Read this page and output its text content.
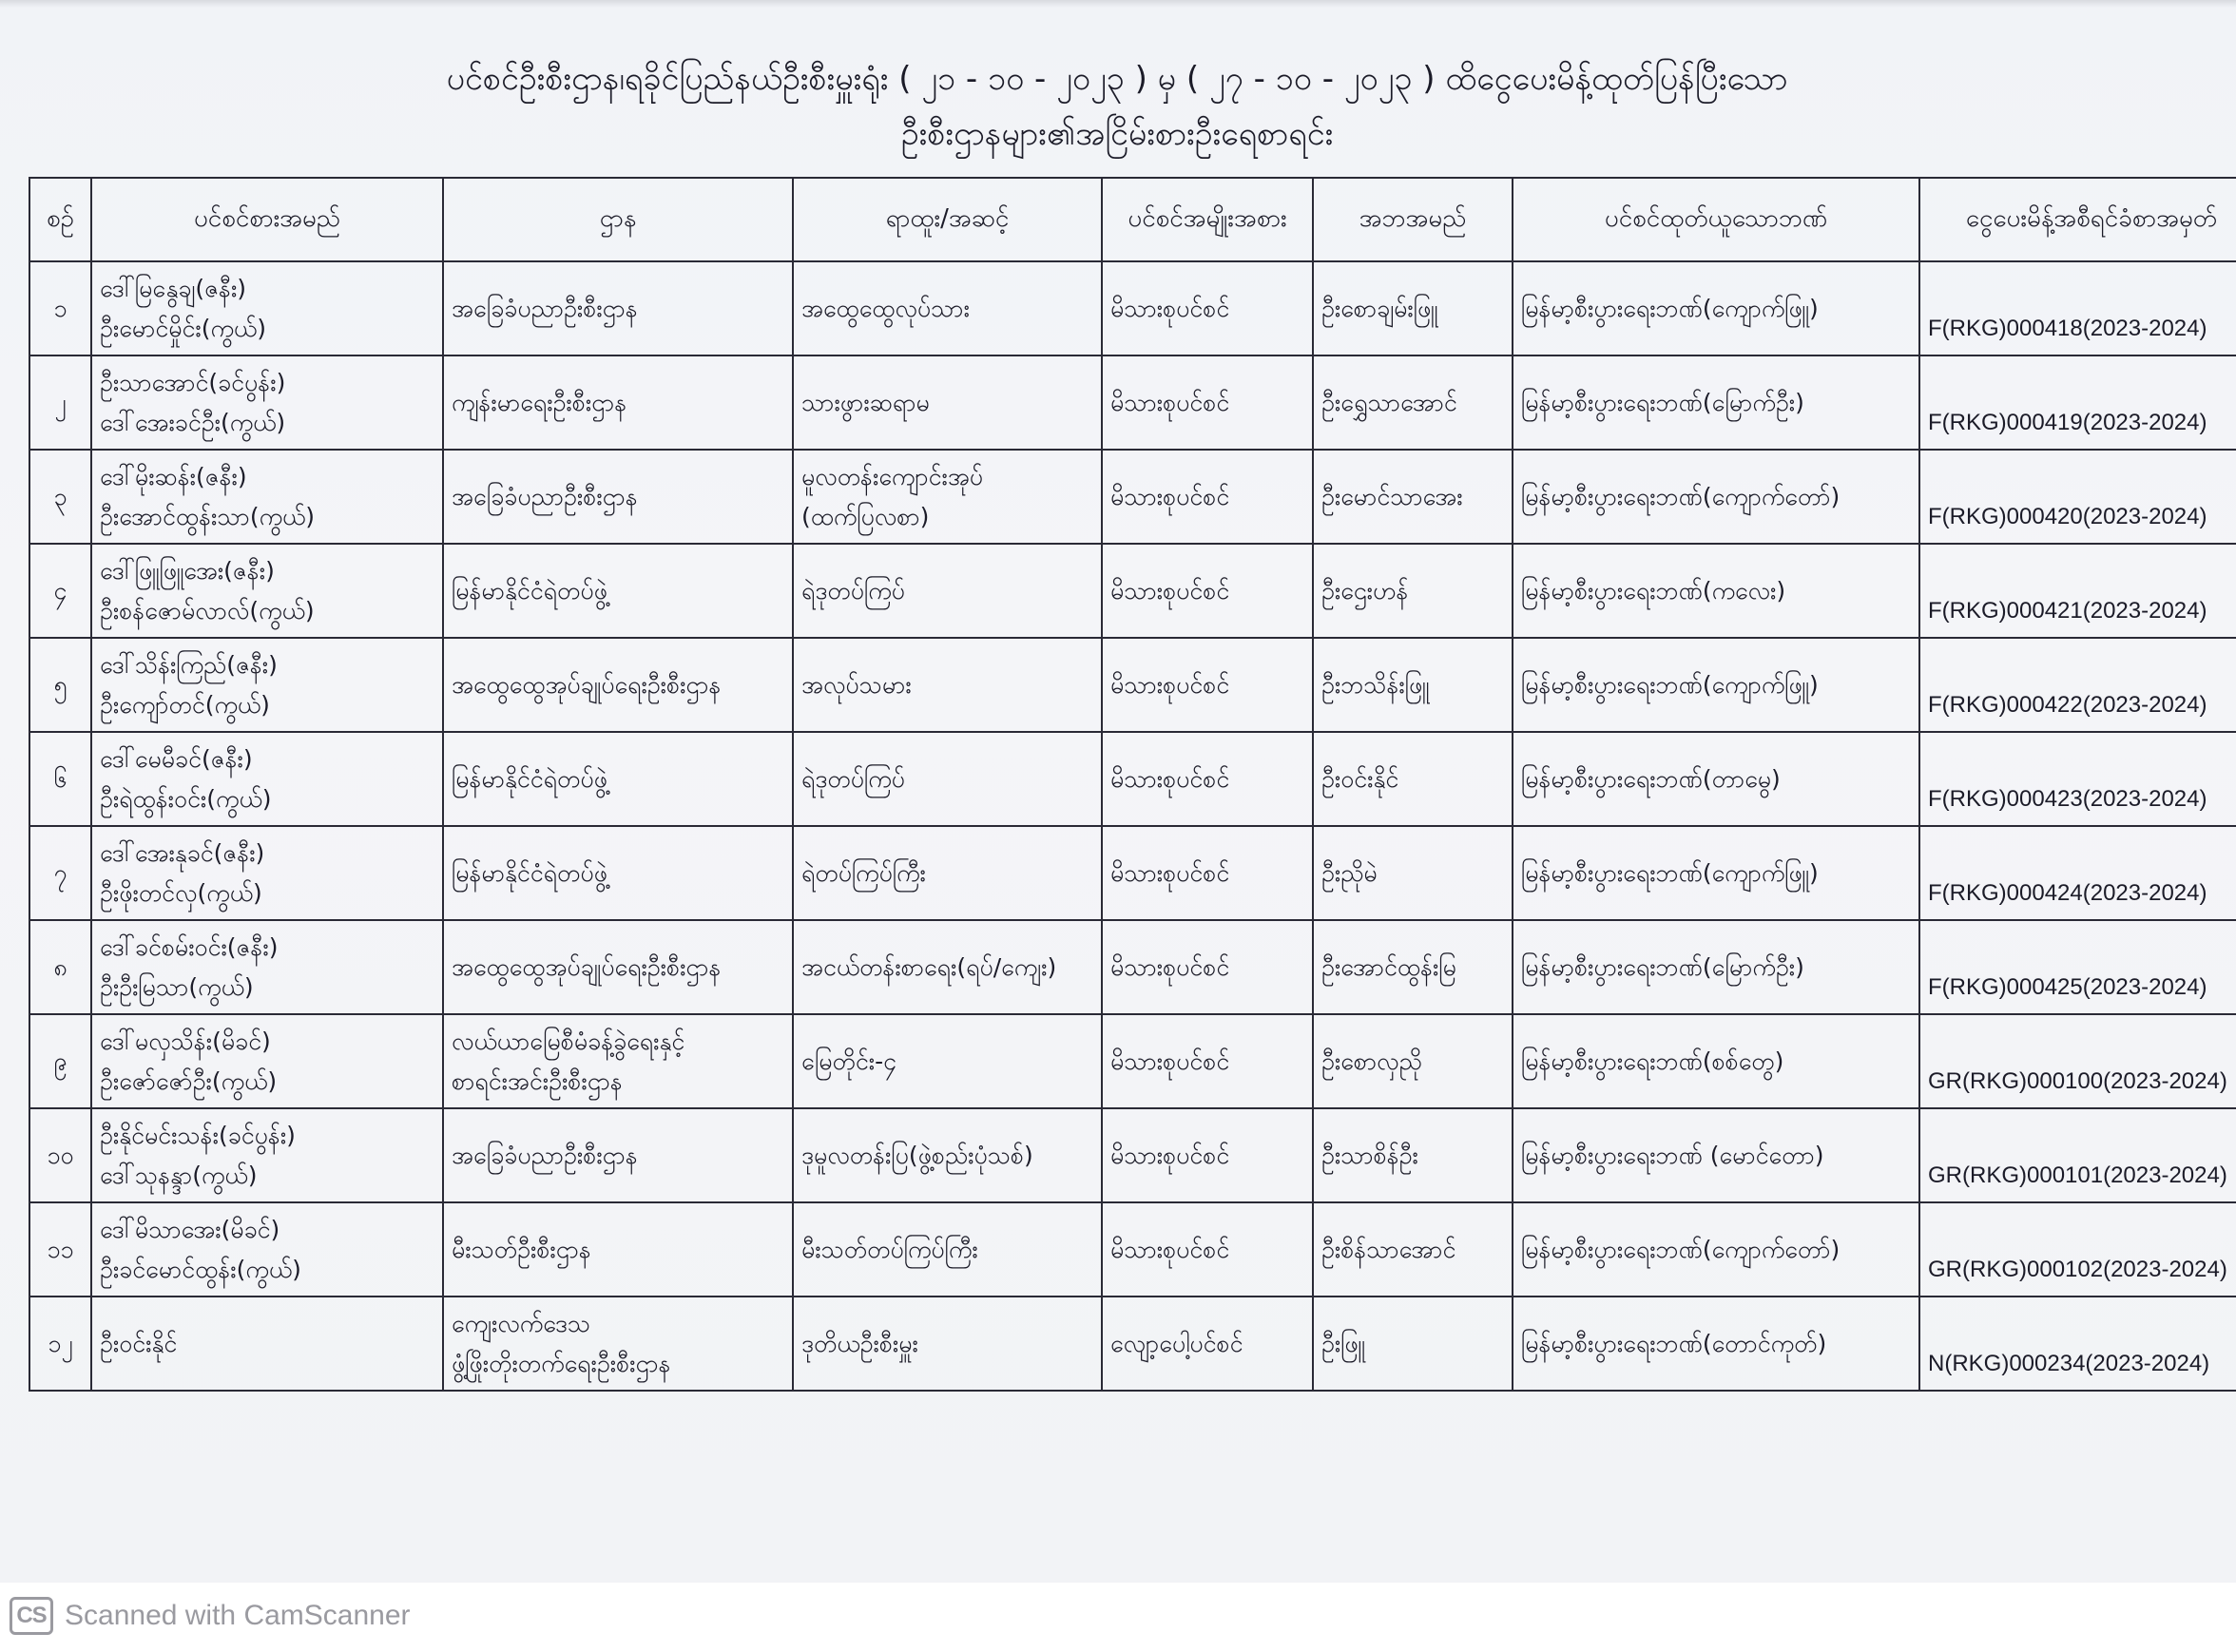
ပင်စင်ဦးစီးဌာန၊ရခိုင်ပြည်နယ်ဦးစီးမှူးရုံး ( ၂၁ - ၁၀ - ၂၀၂၃ ) မှ ( ၂၇ - ၁၀ - ၂၀၂၃ ) ထိငွေပေးမိန့်ထုတ်ပြန်ပြီးသော
ဦးစီးဌာနများ၏အငြိမ်းစားဦးရေစာရင်း
စဉ်	ပင်စင်စားအမည်	ဌာန	ရာထူး/အဆင့်	ပင်စင်အမျိုးအစား	အဘအမည်	ပင်စင်ထုတ်ယူသောဘဏ်	ငွေပေးမိန့်အစီရင်ခံစာအမှတ်

၁	ဒေါ်မြနွေချ(ဇနီး)
ဦးမောင်မှိုင်း(ကွယ်)	အခြေခံပညာဦးစီးဌာန	အထွေထွေလုပ်သား	မိသားစုပင်စင်	ဦးစောချမ်းဖြူ	မြန်မာ့စီးပွားရေးဘဏ်(ကျောက်ဖြူ)	F(RKG)000418(2023-2024)

၂	ဦးသာအောင်(ခင်ပွန်း)
ဒေါ်အေးခင်ဦး(ကွယ်)	ကျန်းမာရေးဦးစီးဌာန	သားဖွားဆရာမ	မိသားစုပင်စင်	ဦးရွှေသာအောင်	မြန်မာ့စီးပွားရေးဘဏ်(မြောက်ဦး)	F(RKG)000419(2023-2024)

၃	ဒေါ်မိုးဆန်း(ဇနီး)
ဦးအောင်ထွန်းသာ(ကွယ်)	အခြေခံပညာဦးစီးဌာန	မူလတန်းကျောင်းအုပ်
(ထက်ပြလစာ)	မိသားစုပင်စင်	ဦးမောင်သာအေး	မြန်မာ့စီးပွားရေးဘဏ်(ကျောက်တော်)	F(RKG)000420(2023-2024)

၄	ဒေါ်ဖြူဖြူအေး(ဇနီး)
ဦးစန်ဇောမ်လာလ်(ကွယ်)	မြန်မာနိုင်ငံရဲတပ်ဖွဲ့	ရဲဒုတပ်ကြပ်	မိသားစုပင်စင်	ဦးဌေးဟန်	မြန်မာ့စီးပွားရေးဘဏ်(ကလေး)	F(RKG)000421(2023-2024)

၅	ဒေါ်သိန်းကြည်(ဇနီး)
ဦးကျော်တင်(ကွယ်)	အထွေထွေအုပ်ချုပ်ရေးဦးစီးဌာန	အလုပ်သမား	မိသားစုပင်စင်	ဦးဘသိန်းဖြူ	မြန်မာ့စီးပွားရေးဘဏ်(ကျောက်ဖြူ)	F(RKG)000422(2023-2024)

၆	ဒေါ်မေမီခင်(ဇနီး)
ဦးရဲထွန်းဝင်း(ကွယ်)	မြန်မာနိုင်ငံရဲတပ်ဖွဲ့	ရဲဒုတပ်ကြပ်	မိသားစုပင်စင်	ဦးဝင်းနိုင်	မြန်မာ့စီးပွားရေးဘဏ်(တာမွေ)	F(RKG)000423(2023-2024)

၇	ဒေါ်အေးနုခင်(ဇနီး)
ဦးဖိုးတင်လှ(ကွယ်)	မြန်မာနိုင်ငံရဲတပ်ဖွဲ့	ရဲတပ်ကြပ်ကြီး	မိသားစုပင်စင်	ဦးညိုမဲ	မြန်မာ့စီးပွားရေးဘဏ်(ကျောက်ဖြူ)	F(RKG)000424(2023-2024)

၈	ဒေါ်ခင်စမ်းဝင်း(ဇနီး)
ဦးဦးမြသာ(ကွယ်)	အထွေထွေအုပ်ချုပ်ရေးဦးစီးဌာန	အငယ်တန်းစာရေး(ရပ်/ကျေး)	မိသားစုပင်စင်	ဦးအောင်ထွန်းမြ	မြန်မာ့စီးပွားရေးဘဏ်(မြောက်ဦး)	F(RKG)000425(2023-2024)

၉	ဒေါ်မလှသိန်း(မိခင်)
ဦးဇော်ဇော်ဦး(ကွယ်)	လယ်ယာမြေစီမံခန့်ခွဲရေးနှင့်
စာရင်းအင်းဦးစီးဌာန	မြေတိုင်း-၄	မိသားစုပင်စင်	ဦးစောလှညို	မြန်မာ့စီးပွားရေးဘဏ်(စစ်တွေ)	GR(RKG)000100(2023-2024)

၁၀	ဦးနိုင်မင်းသန်း(ခင်ပွန်း)
ဒေါ်သုနန္ဒာ(ကွယ်)	အခြေခံပညာဦးစီးဌာန	ဒုမူလတန်းပြ(ဖွဲ့စည်းပုံသစ်)	မိသားစုပင်စင်	ဦးသာစိန်ဦး	မြန်မာ့စီးပွားရေးဘဏ် (မောင်တော)	GR(RKG)000101(2023-2024)

၁၁	ဒေါ်မိသာအေး(မိခင်)
ဦးခင်မောင်ထွန်း(ကွယ်)	မီးသတ်ဦးစီးဌာန	မီးသတ်တပ်ကြပ်ကြီး	မိသားစုပင်စင်	ဦးစိန်သာအောင်	မြန်မာ့စီးပွားရေးဘဏ်(ကျောက်တော်)	GR(RKG)000102(2023-2024)

၁၂	ဦးဝင်းနိုင်	ကျေးလက်ဒေသ
ဖွံ့ဖြိုးတိုးတက်ရေးဦးစီးဌာန	ဒုတိယဦးစီးမှူး	လျော့ပေါ့ပင်စင်	ဦးဖြူ	မြန်မာ့စီးပွားရေးဘဏ်(တောင်ကုတ်)	N(RKG)000234(2023-2024)
CS Scanned with CamScanner
